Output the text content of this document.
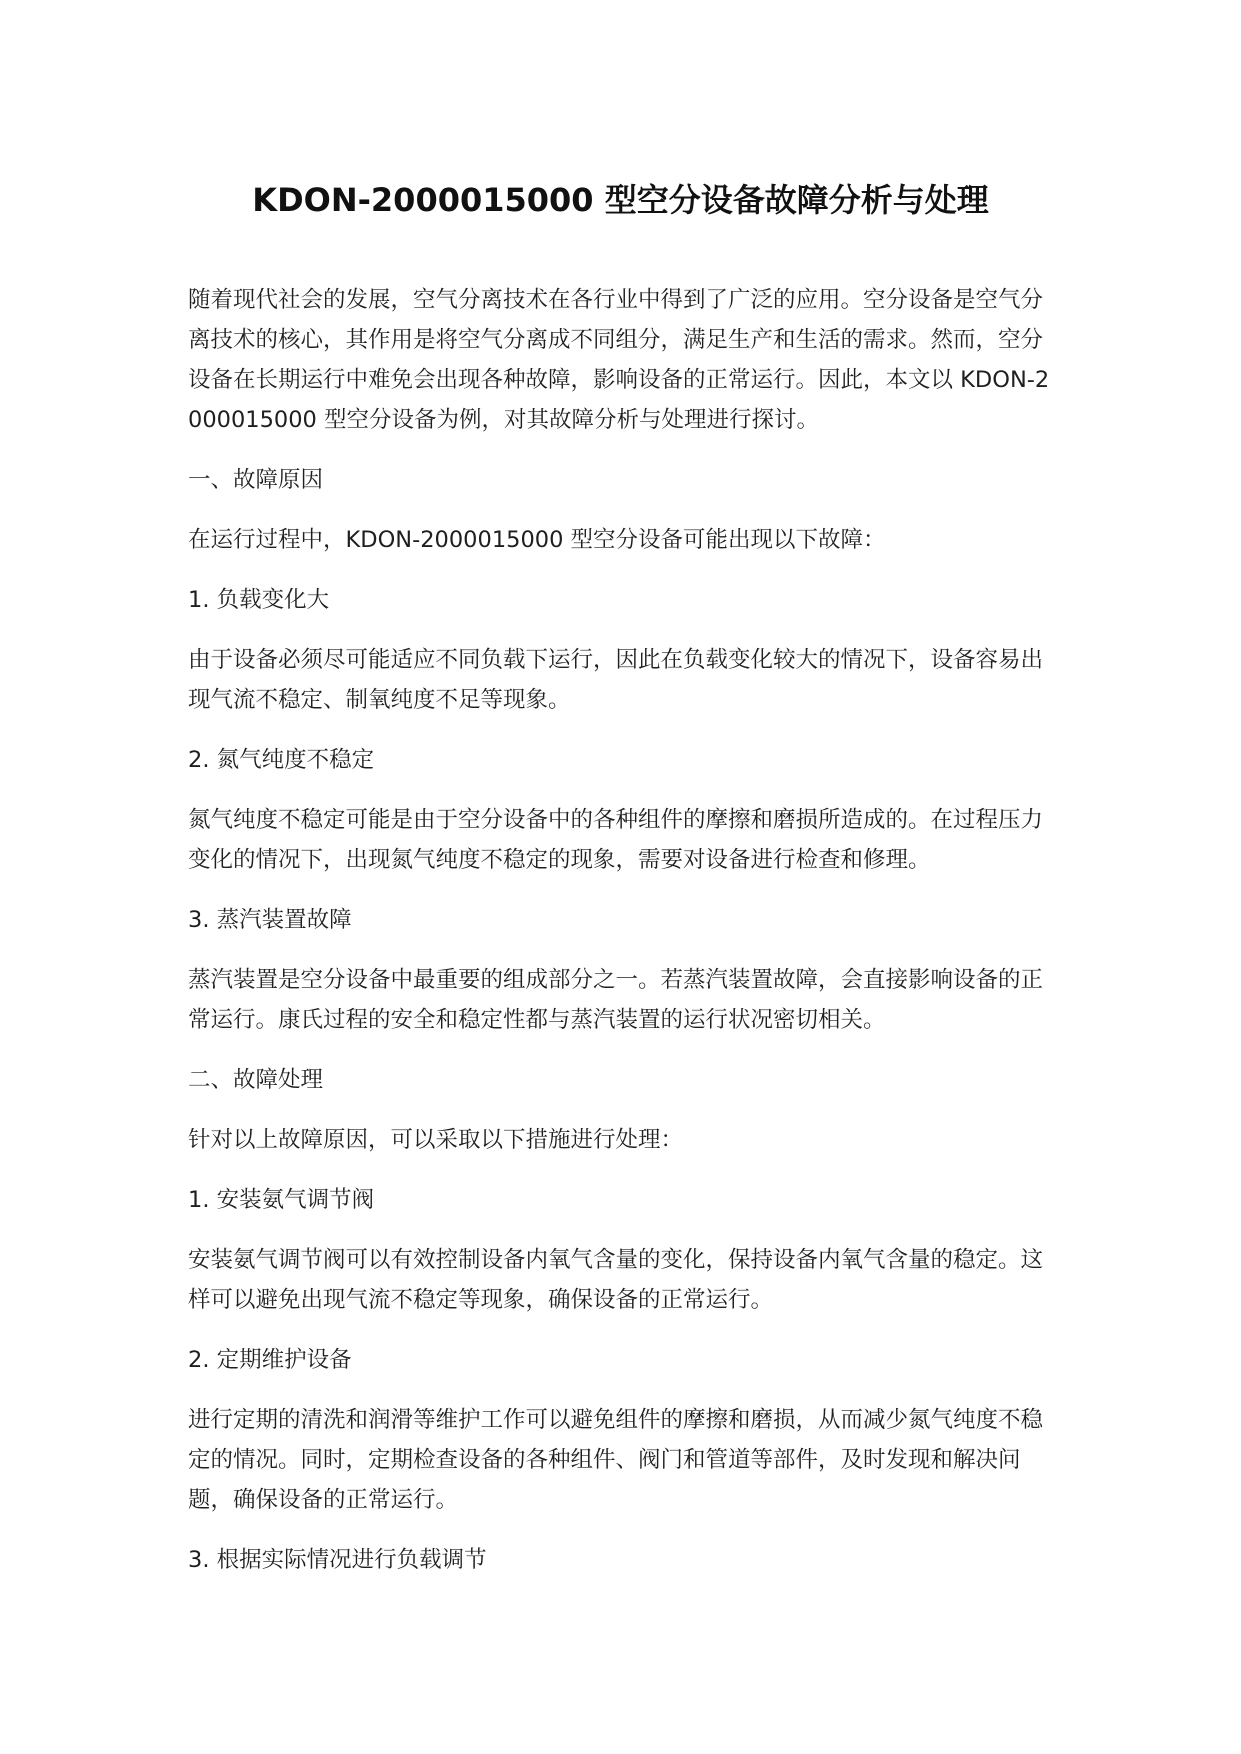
KDON-2000015000 型空分设备故障分析与处理

随着现代社会的发展，空气分离技术在各行业中得到了广泛的应用。空分设备是空气分离技术的核心，其作用是将空气分离成不同组分，满足生产和生活的需求。然而，空分设备在长期运行中难免会出现各种故障，影响设备的正常运行。因此，本文以 KDON-2000015000 型空分设备为例，对其故障分析与处理进行探讨。

一、故障原因

在运行过程中，KDON-2000015000 型空分设备可能出现以下故障：

1. 负载变化大

由于设备必须尽可能适应不同负载下运行，因此在负载变化较大的情况下，设备容易出现气流不稳定、制氧纯度不足等现象。

2. 氮气纯度不稳定

氮气纯度不稳定可能是由于空分设备中的各种组件的摩擦和磨损所造成的。在过程压力变化的情况下，出现氮气纯度不稳定的现象，需要对设备进行检查和修理。

3. 蒸汽装置故障

蒸汽装置是空分设备中最重要的组成部分之一。若蒸汽装置故障，会直接影响设备的正常运行。康氏过程的安全和稳定性都与蒸汽装置的运行状况密切相关。

二、故障处理

针对以上故障原因，可以采取以下措施进行处理：

1. 安装氨气调节阀

安装氨气调节阀可以有效控制设备内氧气含量的变化，保持设备内氧气含量的稳定。这样可以避免出现气流不稳定等现象，确保设备的正常运行。

2. 定期维护设备

进行定期的清洗和润滑等维护工作可以避免组件的摩擦和磨损，从而减少氮气纯度不稳定的情况。同时，定期检查设备的各种组件、阀门和管道等部件，及时发现和解决问题，确保设备的正常运行。

3. 根据实际情况进行负载调节
